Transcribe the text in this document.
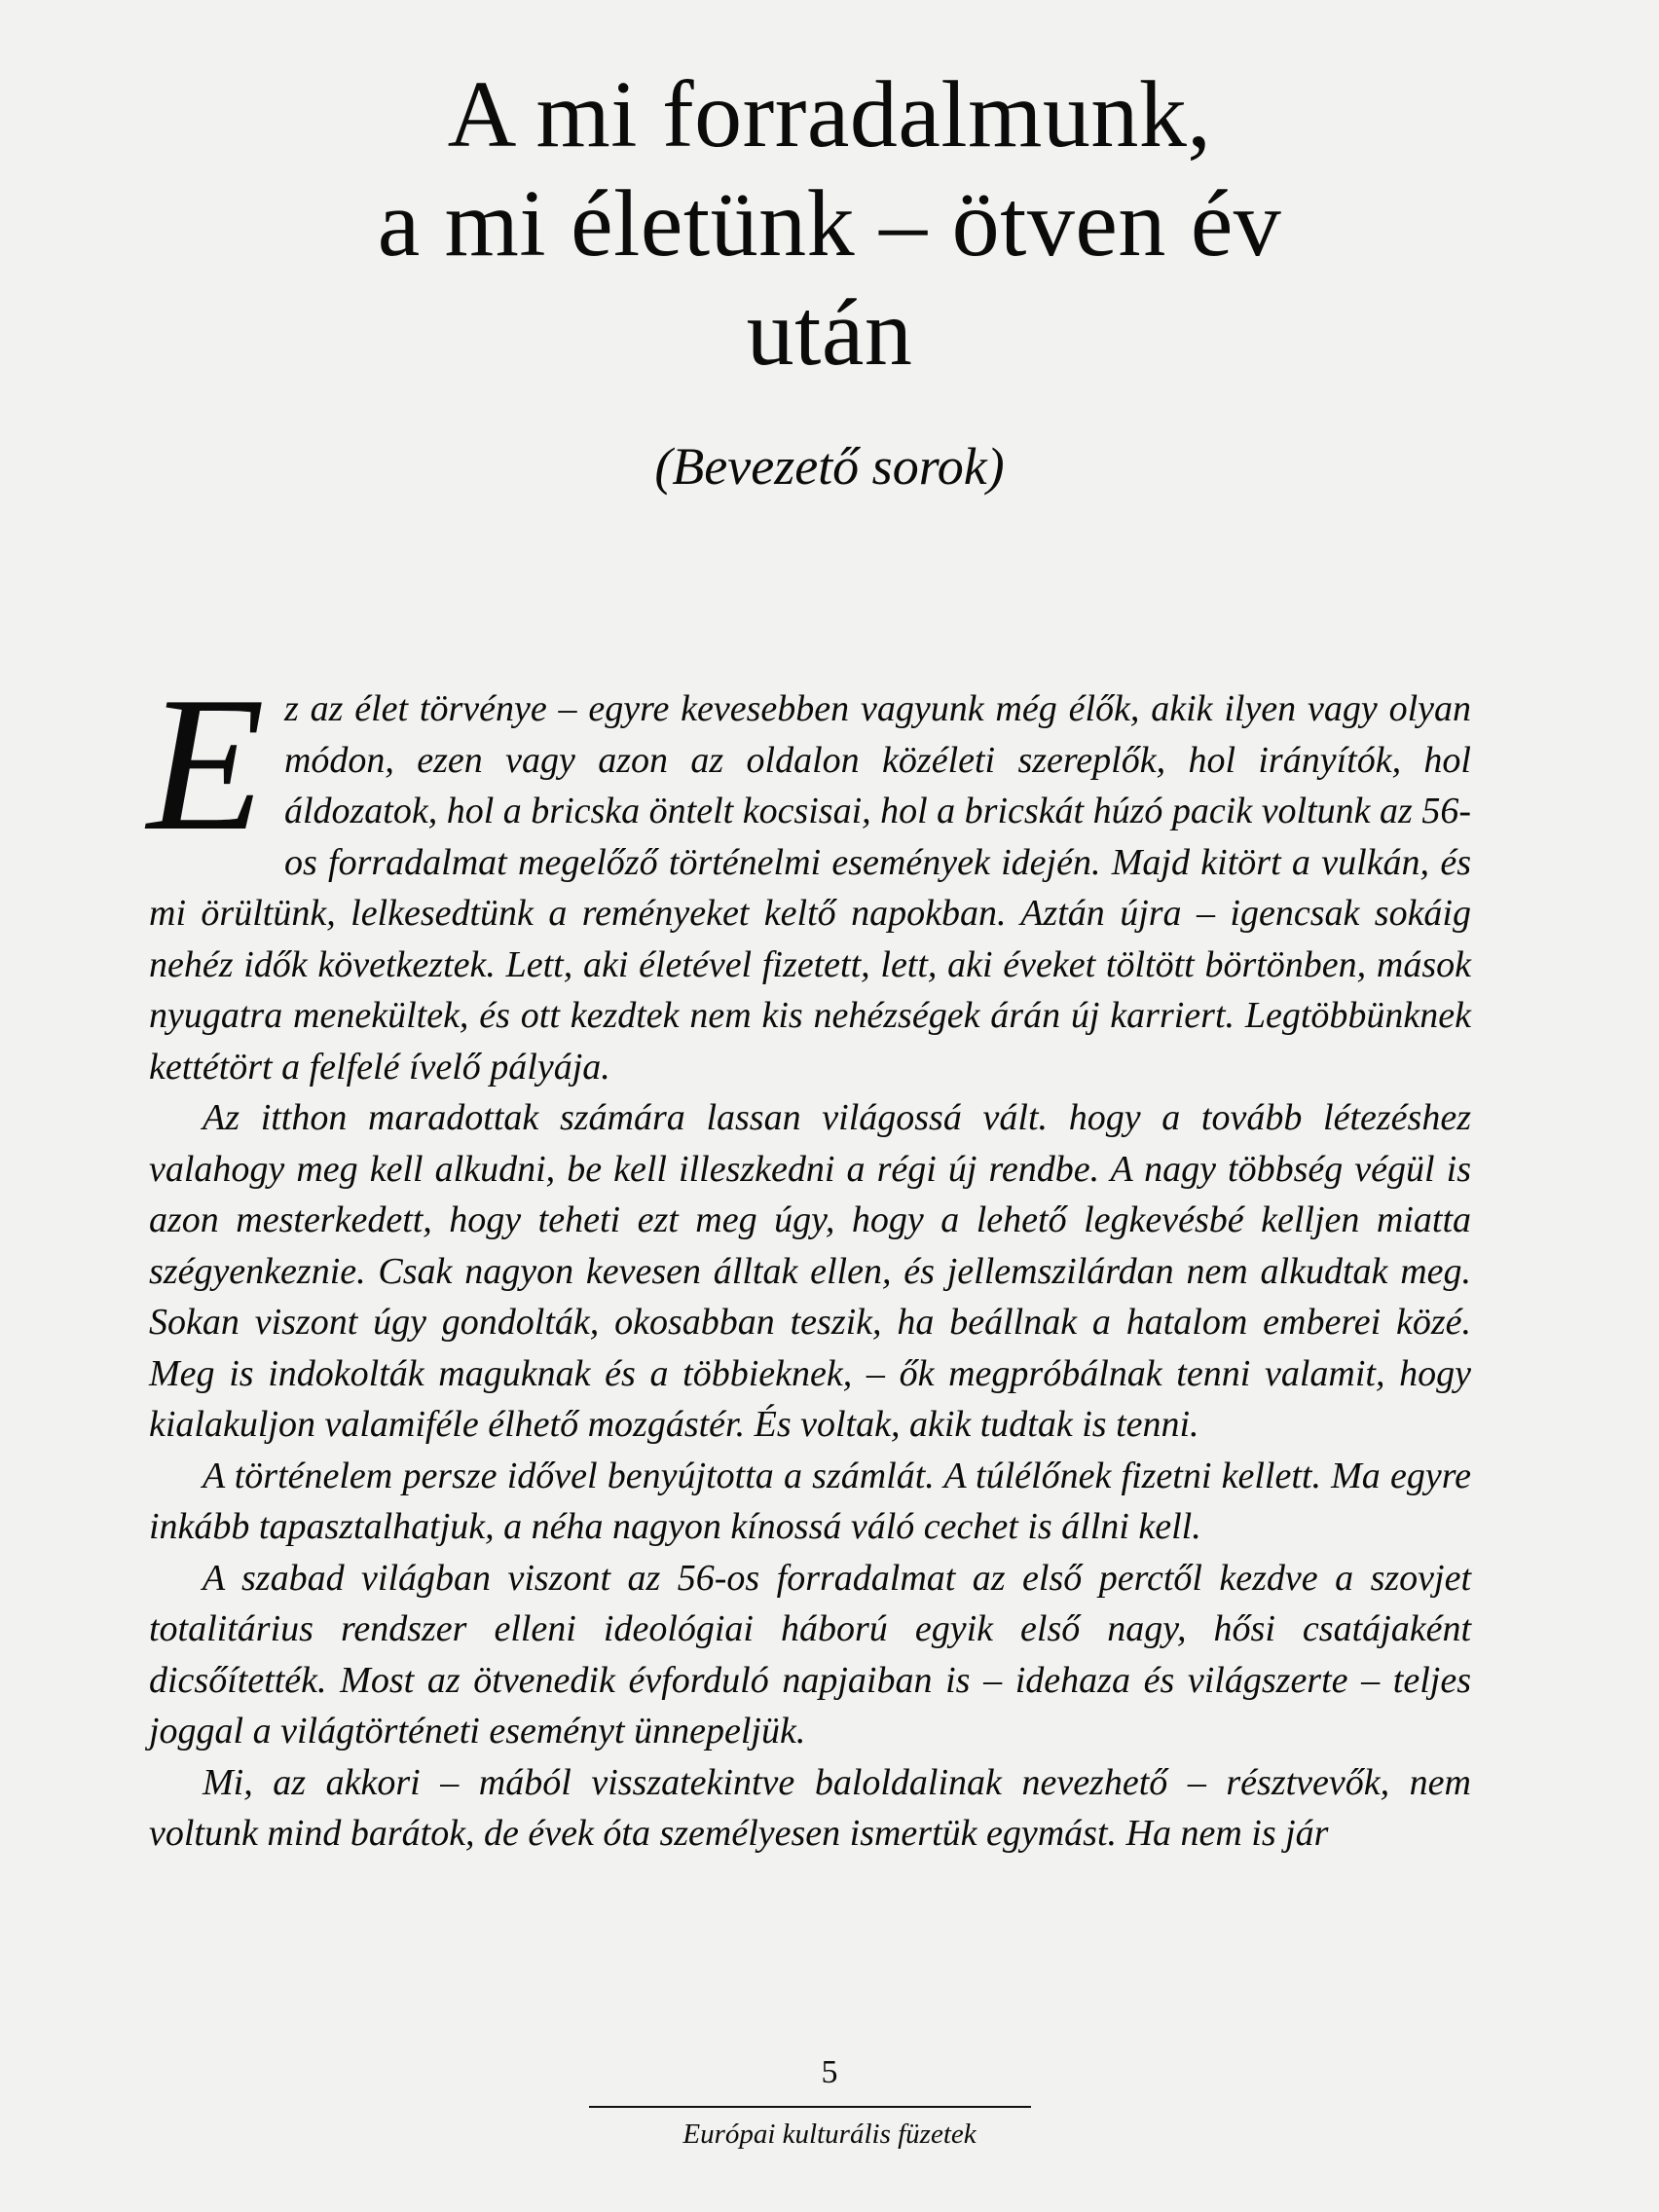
A mi forradalmunk,
a mi életünk – ötven év
után
(Bevezető sorok)

Ez az élet törvénye – egyre kevesebben vagyunk még élők, akik ilyen vagy olyan módon, ezen vagy azon az oldalon közéleti szereplők, hol irányítók, hol áldozatok, hol a bricska öntelt kocsisai, hol a bricskát húzó pacik voltunk az 56-os forradalmat megelőző történelmi események idején. Majd kitört a vulkán, és mi örültünk, lelkesedtünk a reményeket keltő napokban. Aztán újra – igencsak sokáig nehéz idők következtek. Lett, aki életével fizetett, lett, aki éveket töltött börtönben, mások nyugatra menekültek, és ott kezdtek nem kis nehézségek árán új karriert. Legtöbbünknek kettétört a felfelé ívelő pályája.

Az itthon maradottak számára lassan világossá vált. hogy a tovább létezéshez valahogy meg kell alkudni, be kell illeszkedni a régi új rendbe. A nagy többség végül is azon mesterkedett, hogy teheti ezt meg úgy, hogy a lehető legkevésbé kelljen miatta szégyenkeznie. Csak nagyon kevesen álltak ellen, és jellemszilárdan nem alkudtak meg. Sokan viszont úgy gondolták, okosabban teszik, ha beállnak a hatalom emberei közé. Meg is indokolták maguknak és a többieknek, – ők megpróbálnak tenni valamit, hogy kialakuljon valamiféle élhető mozgástér. És voltak, akik tudtak is tenni.

A történelem persze idővel benyújtotta a számlát. A túlélőnek fizetni kellett. Ma egyre inkább tapasztalhatjuk, a néha nagyon kínossá váló cechet is állni kell.

A szabad világban viszont az 56-os forradalmat az első perctől kezdve a szovjet totalitárius rendszer elleni ideológiai háború egyik első nagy, hősi csatájaként dicsőítették. Most az ötvenedik évforduló napjaiban is – idehaza és világszerte – teljes joggal a világtörténeti eseményt ünnepeljük.

Mi, az akkori – mából visszatekintve baloldalinak nevezhető – résztvevők, nem voltunk mind barátok, de évek óta személyesen ismertük egymást. Ha nem is jár

5
Európai kulturális füzetek
